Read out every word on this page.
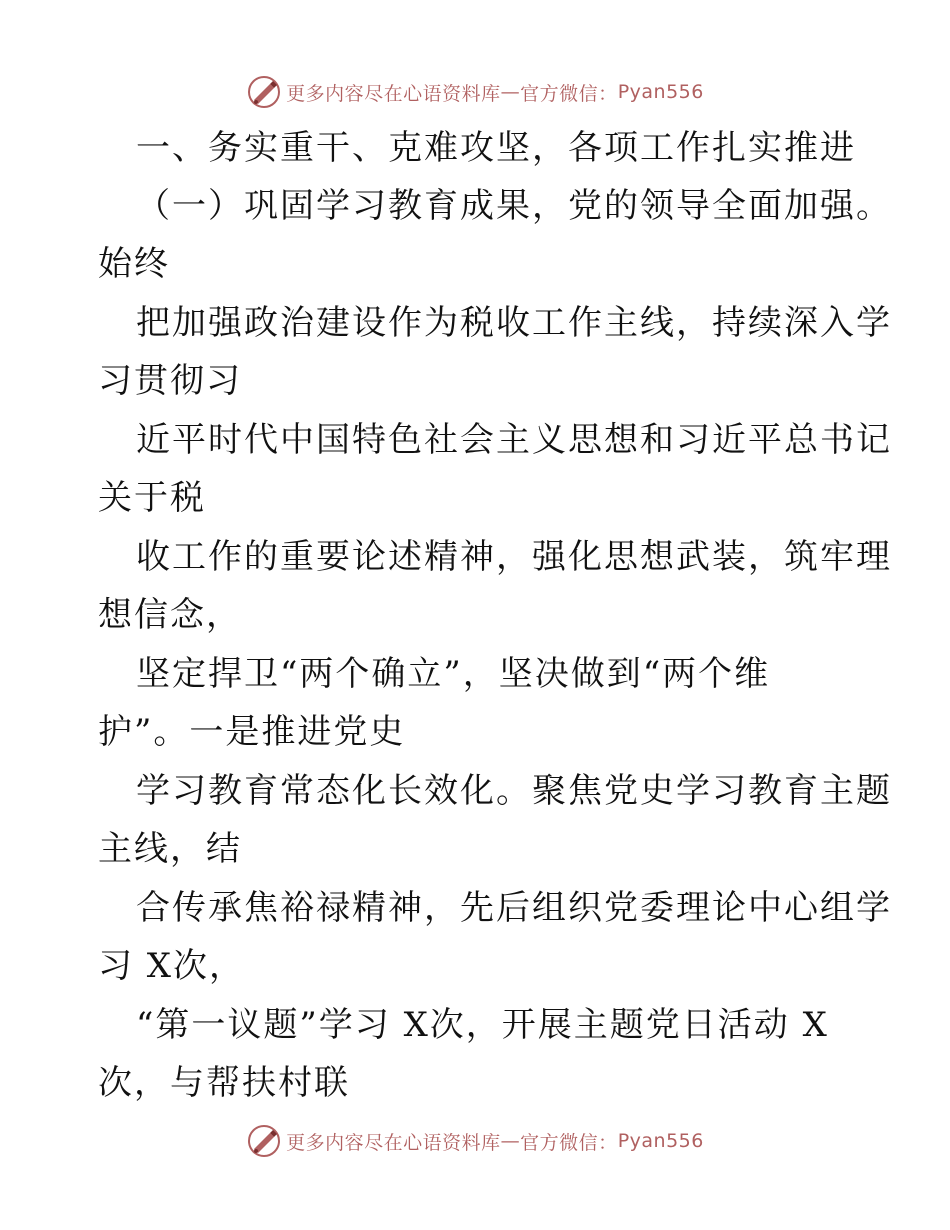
更多内容尽在心语资料库 — 官方微信： Pyan556
一、务实重干、克难攻坚，各项工作扎实推进
（一）巩固学习教育成果，党的领导全面加强。
始终
把加强政治建设作为税收工作主线，持续深入学
习贯彻习
近平时代中国特色社会主义思想和习近平总书记
关于税
收工作的重要论述精神，强化思想武装，筑牢理
想信念，
坚定捍卫“两个确立”，坚决做到“两个维
护”。一是推进党史
学习教育常态化长效化。聚焦党史学习教育主题
主线，结
合传承焦裕禄精神，先后组织党委理论中心组学
习 X次，
“第一议题”学习 X次，开展主题党日活动 X
次，与帮扶村联
更多内容尽在心语资料库 — 官方微信： Pyan556
